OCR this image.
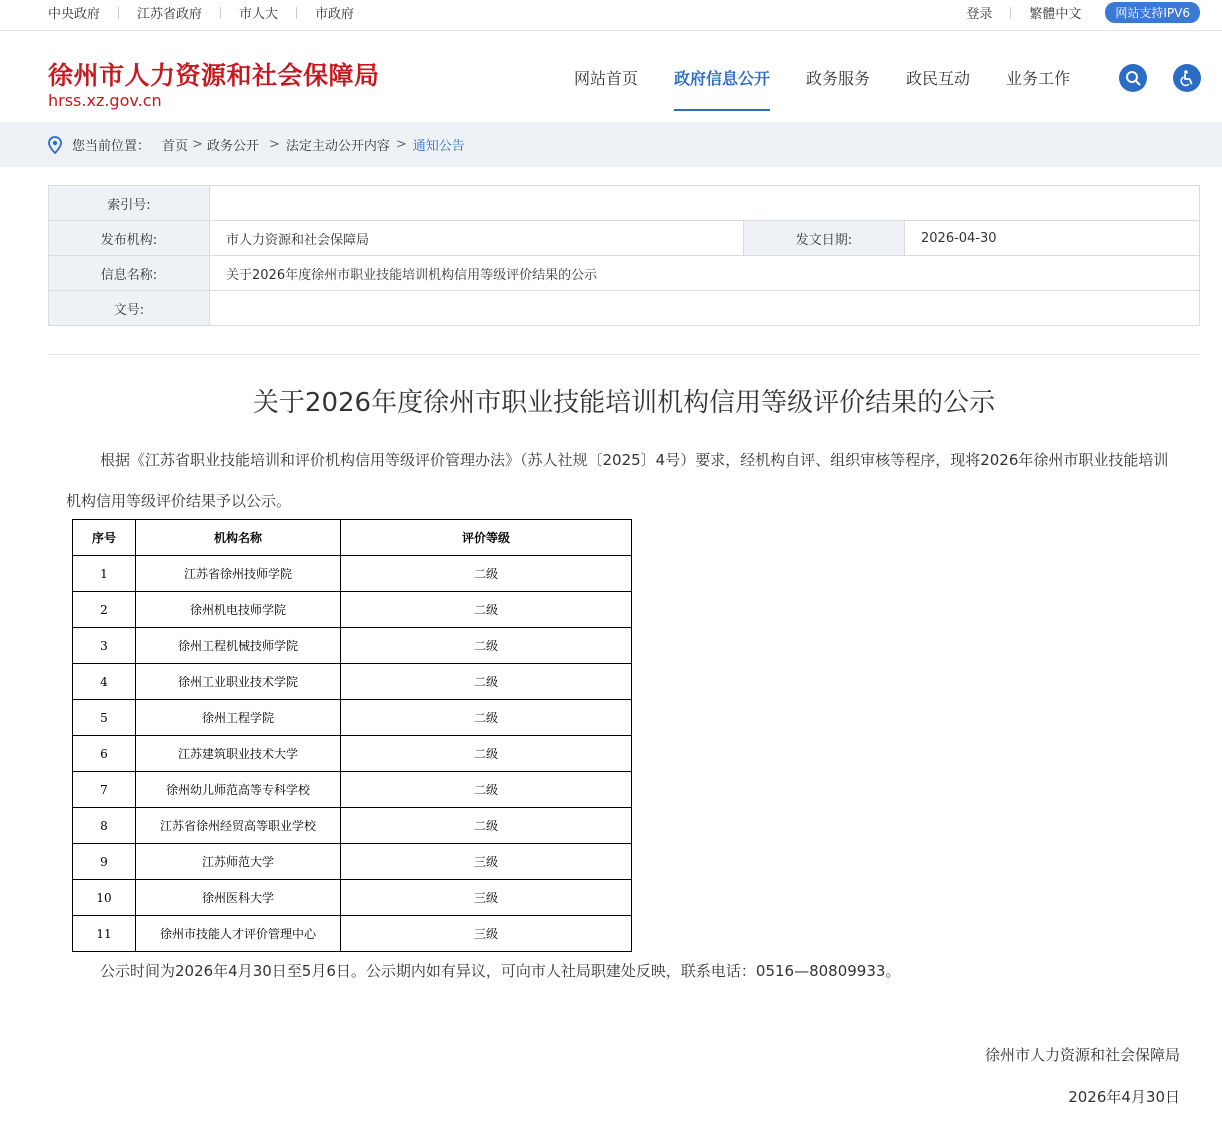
中央政府	江苏省政府	市人大	市政府	登录	繁體中文	网站支持IPV6
徐州市人力资源和社会保障局
hrss.xz.gov.cn
网站首页 政府信息公开 政务服务 政民互动 业务工作
您当前位置： 首页 > 政务公开 > 法定主动公开内容 > 通知公告
索引号:			
发布机构:	市人力资源和社会保障局	发文日期:	2026-04-30
信息名称:	关于2026年度徐州市职业技能培训机构信用等级评价结果的公示		
文号:			
关于2026年度徐州市职业技能培训机构信用等级评价结果的公示
根据《江苏省职业技能培训和评价机构信用等级评价管理办法》（苏人社规〔2025〕4号）要求，经机构自评、组织审核等程序，现将2026年徐州市职业技能培训机构信用等级评价结果予以公示。
序号	机构名称	评价等级
1	江苏省徐州技师学院	二级
2	徐州机电技师学院	二级
3	徐州工程机械技师学院	二级
4	徐州工业职业技术学院	二级
5	徐州工程学院	二级
6	江苏建筑职业技术大学	二级
7	徐州幼儿师范高等专科学校	二级
8	江苏省徐州经贸高等职业学校	二级
9	江苏师范大学	三级
10	徐州医科大学	三级
11	徐州市技能人才评价管理中心	三级
公示时间为2026年4月30日至5月6日。公示期内如有异议，可向市人社局职建处反映，联系电话：0516—80809933。
徐州市人力资源和社会保障局
2026年4月30日
